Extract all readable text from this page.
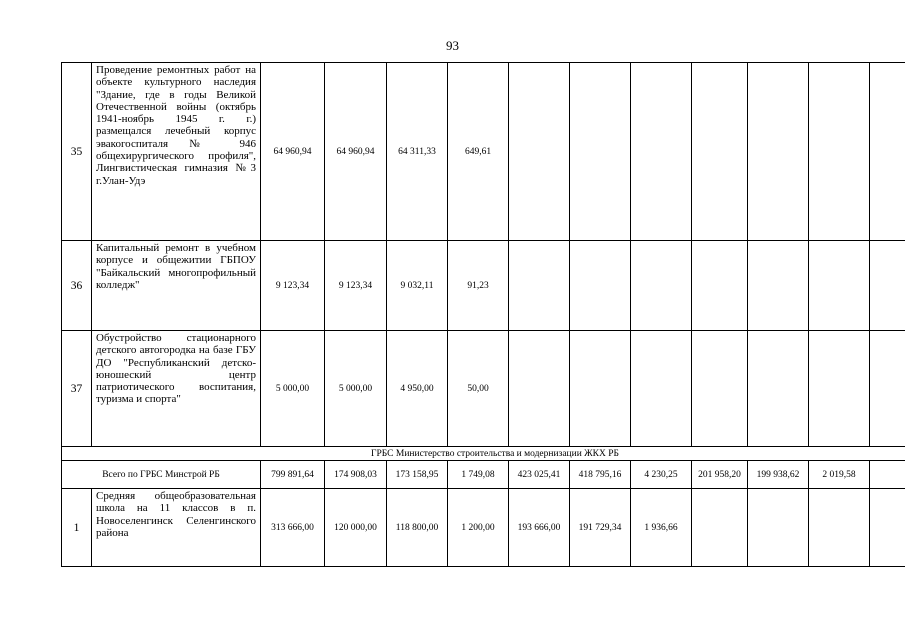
93
35	Проведение ремонтных работ на объекте культурного наследия "Здание, где в годы Великой Отечественной войны (октябрь 1941-ноябрь 1945 г. г.) размещался лечебный корпус эвакогоспиталя № 946 общехирургического профиля", Лингвистическая гимназия №3 г.Улан-Удэ	64 960,94	64 960,94	64 311,33	649,61							
36	Капитальный ремонт в учебном корпусе и общежитии ГБПОУ "Байкальский многопрофильный колледж"	9 123,34	9 123,34	9 032,11	91,23							
37	Обустройство стационарного детского автогородка на базе ГБУ ДО "Республиканский детско-юношеский центр патриотического воспитания, туризма и спорта"	5 000,00	5 000,00	4 950,00	50,00							
ГРБС Министерство строительства и модернизации ЖКХ РБ												
Всего по ГРБС Минстрой РБ		799 891,64	174 908,03	173 158,95	1 749,08	423 025,41	418 795,16	4 230,25	201 958,20	199 938,62	2 019,58	
1	Средняя общеобразовательная школа на 11 классов в п. Новоселенгинск Селенгинского района	313 666,00	120 000,00	118 800,00	1 200,00	193 666,00	191 729,34	1 936,66				
